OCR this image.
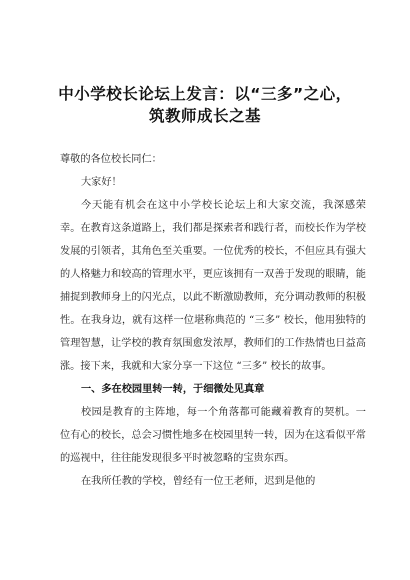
中小学校长论坛上发言：以“三多”之心，
筑教师成长之基

尊敬的各位校长同仁：

大家好！

今天能有机会在这中小学校长论坛上和大家交流，我深感荣幸。在教育这条道路上，我们都是探索者和践行者，而校长作为学校发展的引领者，其角色至关重要。一位优秀的校长，不但应具有强大的人格魅力和较高的管理水平，更应该拥有一双善于发现的眼睛，能捕捉到教师身上的闪光点，以此不断激励教师，充分调动教师的积极性。在我身边，就有这样一位堪称典范的 “三多” 校长，他用独特的管理智慧，让学校的教育氛围愈发浓厚，教师们的工作热情也日益高涨。接下来，我就和大家分享一下这位 “三多” 校长的故事。

一、多在校园里转一转，于细微处见真章

校园是教育的主阵地，每一个角落都可能藏着教育的契机。一位有心的校长，总会习惯性地多在校园里转一转，因为在这看似平常的巡视中，往往能发现很多平时被忽略的宝贵东西。

在我所任教的学校，曾经有一位王老师，迟到是他的
